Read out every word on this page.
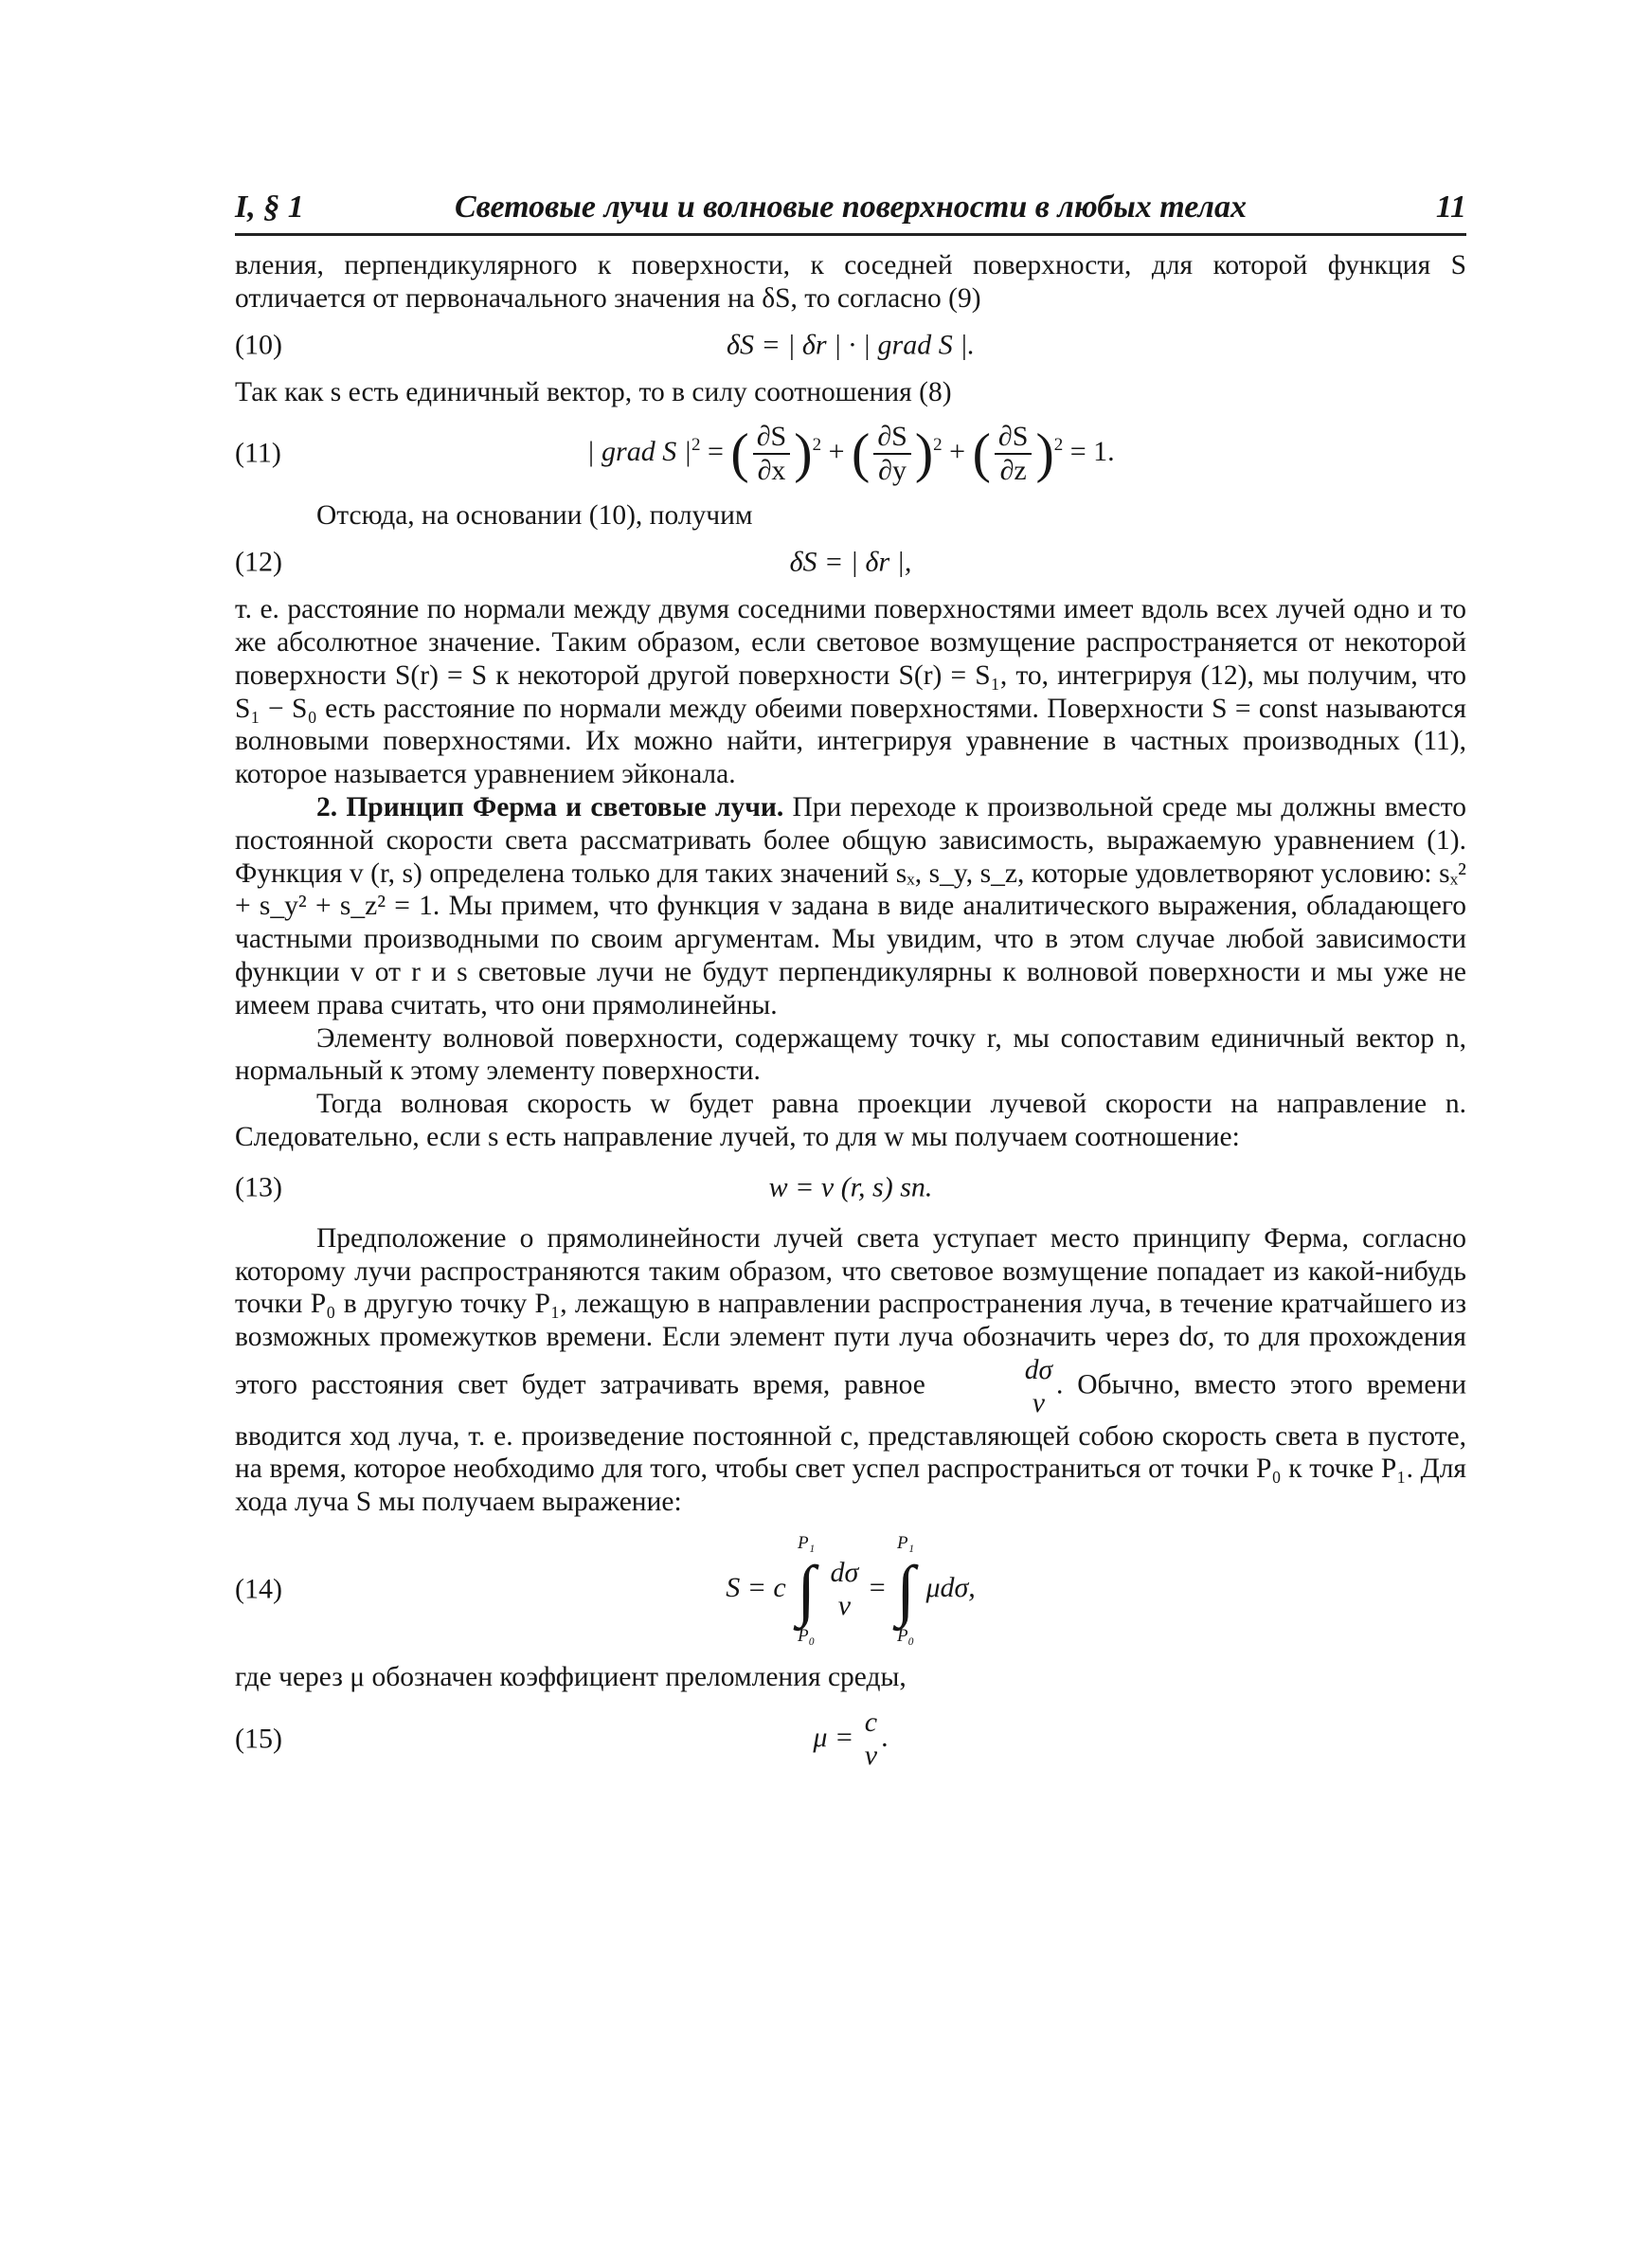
I, § 1	Световые лучи и волновые поверхности в любых телах	11

вления, перпендикулярного к поверхности, к соседней поверхности, для которой функция S отличается от первоначального значения на δS, то согласно (9)

(10)	δS = | δr | · | grad S |.

Так как s есть единичный вектор, то в силу соотношения (8)

(11)	| grad S $|^2$ = ( $\frac{\partial S}{\partial x} )^2$ + ( $\frac{\partial S}{\partial y} )^2$ + ( $\frac{\partial S}{\partial z} )^2 = 1$.

Отсюда, на основании (10), получим

(12)	δS = | δr |,

т. е. расстояние по нормали между двумя соседними поверхностями имеет вдоль всех лучей одно и то же абсолютное значение. Таким образом, если световое возмущение распространяется от некоторой поверхности S(r) = S к некоторой другой поверхности S(r) = S₁, то, интегрируя (12), мы получим, что S₁ − S₀ есть расстояние по нормали между обеими поверхностями. Поверхности S = const называются волновыми поверхностями. Их можно найти, интегрируя уравнение в частных производных (11), которое называется уравнением эйконала.

2. Принцип Ферма и световые лучи. При переходе к произвольной среде мы должны вместо постоянной скорости света рассматривать более общую зависимость, выражаемую уравнением (1). Функция v (r, s) определена только для таких значений sₓ, s_y, s_z, которые удовлетворяют условию: sₓ² + s_y² + s_z² = 1. Мы примем, что функция v задана в виде аналитического выражения, обладающего частными производными по своим аргументам. Мы увидим, что в этом случае любой зависимости функции v от r и s световые лучи не будут перпендикулярны к волновой поверхности и мы уже не имеем права считать, что они прямолинейны.

Элементу волновой поверхности, содержащему точку r, мы сопоставим единичный вектор n, нормальный к этому элементу поверхности.

Тогда волновая скорость w будет равна проекции лучевой скорости на направление n. Следовательно, если s есть направление лучей, то для w мы получаем соотношение:

(13)	w = v (r, s) sn.

Предположение о прямолинейности лучей света уступает место принципу Ферма, согласно которому лучи распространяются таким образом, что световое возмущение попадает из какой-нибудь точки P₀ в другую точку P₁, лежащую в направлении распространения луча, в течение кратчайшего из возможных промежутков времени. Если элемент пути луча обозначить через dσ, то для прохождения этого расстояния свет будет затрачивать время, равное	dσ
v
. Обычно, вместо этого времени вводится ход луча, т. е. произведение постоянной c, представляющей собою скорость света в пустоте, на время, которое необходимо для того, чтобы свет успел распространиться от точки P₀ к точке P₁. Для хода луча S мы получаем выражение:

(14)	S = c
P₁
∫
P₀

dσ
v
=
P₁
∫
P₀
μdσ,

где через μ обозначен коэффициент преломления среды,

(15)	μ = c
v
.
